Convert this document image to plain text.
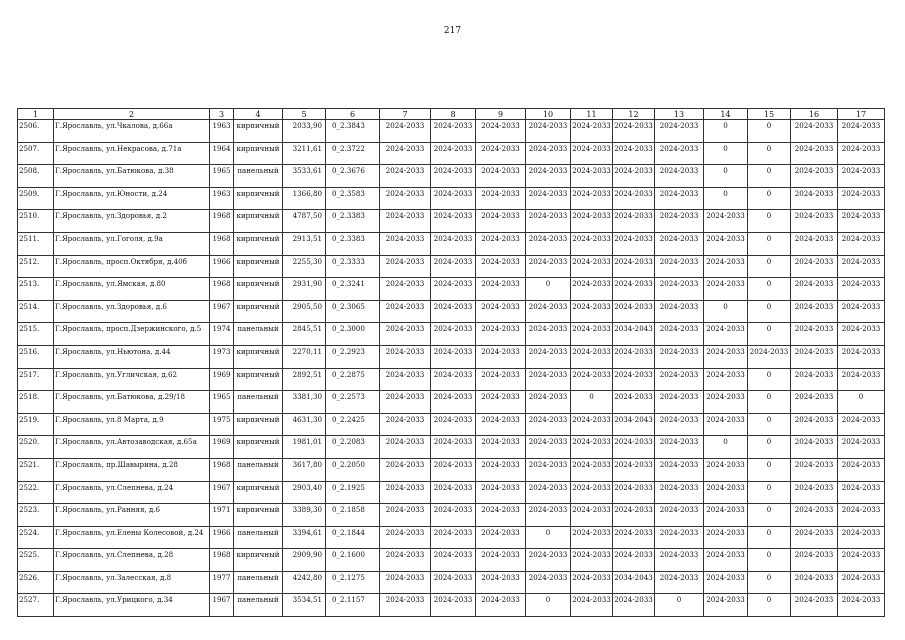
217
1	2	3	4	5	6	7	8	9	10	11	12	13	14	15	16	17
2506.	Г.Ярославль, ул.Чкалова, д.66а	1963	кирпичный	2033,90	0_2.3843	2024-2033	2024-2033	2024-2033	2024-2033	2024-2033	2024-2033	2024-2033	0	0	2024-2033	2024-2033
2507.	Г.Ярославль, ул.Некрасова, д.71а	1964	кирпичный	3211,61	0_2.3722	2024-2033	2024-2033	2024-2033	2024-2033	2024-2033	2024-2033	2024-2033	0	0	2024-2033	2024-2033
2508.	Г.Ярославль, ул.Батюкова, д.38	1965	панельный	3533,61	0_2.3676	2024-2033	2024-2033	2024-2033	2024-2033	2024-2033	2024-2033	2024-2033	0	0	2024-2033	2024-2033
2509.	Г.Ярославль, ул.Юности, д.24	1963	кирпичный	1366,80	0_2.3583	2024-2033	2024-2033	2024-2033	2024-2033	2024-2033	2024-2033	2024-2033	0	0	2024-2033	2024-2033
2510.	Г.Ярославль, ул.Здоровья, д.2	1968	кирпичный	4787,50	0_2.3383	2024-2033	2024-2033	2024-2033	2024-2033	2024-2033	2024-2033	2024-2033	2024-2033	0	2024-2033	2024-2033
2511.	Г.Ярославль, ул.Гоголя, д.9а	1968	кирпичный	2913,51	0_2.3383	2024-2033	2024-2033	2024-2033	2024-2033	2024-2033	2024-2033	2024-2033	2024-2033	0	2024-2033	2024-2033
2512.	Г.Ярославль, просп.Октября, д.40б	1966	кирпичный	2255,30	0_2.3333	2024-2033	2024-2033	2024-2033	2024-2033	2024-2033	2024-2033	2024-2033	2024-2033	0	2024-2033	2024-2033
2513.	Г.Ярославль, ул.Ямская, д.80	1968	кирпичный	2931,90	0_2.3241	2024-2033	2024-2033	2024-2033	0	2024-2033	2024-2033	2024-2033	2024-2033	0	2024-2033	2024-2033
2514.	Г.Ярославль, ул.Здоровья, д.6	1967	кирпичный	2905,50	0_2.3065	2024-2033	2024-2033	2024-2033	2024-2033	2024-2033	2024-2033	2024-2033	0	0	2024-2033	2024-2033
2515.	Г.Ярославль, просп.Дзержинского, д.5	1974	панельный	2845,51	0_2.3000	2024-2033	2024-2033	2024-2033	2024-2033	2024-2033	2034-2043	2024-2033	2024-2033	0	2024-2033	2024-2033
2516.	Г.Ярославль, ул.Ньютона, д.44	1973	кирпичный	2270,11	0_2.2923	2024-2033	2024-2033	2024-2033	2024-2033	2024-2033	2024-2033	2024-2033	2024-2033	2024-2033	2024-2033	2024-2033
2517.	Г.Ярославль, ул.Угличская, д.62	1969	кирпичный	2892,51	0_2.2875	2024-2033	2024-2033	2024-2033	2024-2033	2024-2033	2024-2033	2024-2033	2024-2033	0	2024-2033	2024-2033
2518.	Г.Ярославль, ул.Батюкова, д.29/18	1965	панельный	3381,30	0_2.2573	2024-2033	2024-2033	2024-2033	2024-2033	0	2024-2033	2024-2033	2024-2033	0	2024-2033	0
2519.	Г.Ярославль, ул.8 Марта, д.9	1975	кирпичный	4631,30	0_2.2425	2024-2033	2024-2033	2024-2033	2024-2033	2024-2033	2034-2043	2024-2033	2024-2033	0	2024-2033	2024-2033
2520.	Г.Ярославль, ул.Автозаводская, д.65а	1969	кирпичный	1981,01	0_2.2083	2024-2033	2024-2033	2024-2033	2024-2033	2024-2033	2024-2033	2024-2033	0	0	2024-2033	2024-2033
2521.	Г.Ярославль, пр.Шавырина, д.28	1968	панельный	3617,80	0_2.2050	2024-2033	2024-2033	2024-2033	2024-2033	2024-2033	2024-2033	2024-2033	2024-2033	0	2024-2033	2024-2033
2522.	Г.Ярославль, ул.Слепнева, д.24	1967	кирпичный	2903,40	0_2.1925	2024-2033	2024-2033	2024-2033	2024-2033	2024-2033	2024-2033	2024-2033	2024-2033	0	2024-2033	2024-2033
2523.	Г.Ярославль, ул.Ранняя, д.6	1971	кирпичный	3389,30	0_2.1858	2024-2033	2024-2033	2024-2033	2024-2033	2024-2033	2024-2033	2024-2033	2024-2033	0	2024-2033	2024-2033
2524.	Г.Ярославль, ул.Елены Колесовой, д.24	1966	панельный	3394,61	0_2.1844	2024-2033	2024-2033	2024-2033	0	2024-2033	2024-2033	2024-2033	2024-2033	0	2024-2033	2024-2033
2525.	Г.Ярославль, ул.Слепнева, д.28	1968	кирпичный	2909,90	0_2.1600	2024-2033	2024-2033	2024-2033	2024-2033	2024-2033	2024-2033	2024-2033	2024-2033	0	2024-2033	2024-2033
2526.	Г.Ярославль, ул.Залесская, д.8	1977	панельный	4242,80	0_2.1275	2024-2033	2024-2033	2024-2033	2024-2033	2024-2033	2034-2043	2024-2033	2024-2033	0	2024-2033	2024-2033
2527.	Г.Ярославль, ул.Урицкого, д.34	1967	панельный	3534,51	0_2.1157	2024-2033	2024-2033	2024-2033	0	2024-2033	2024-2033	0	2024-2033	0	2024-2033	2024-2033
